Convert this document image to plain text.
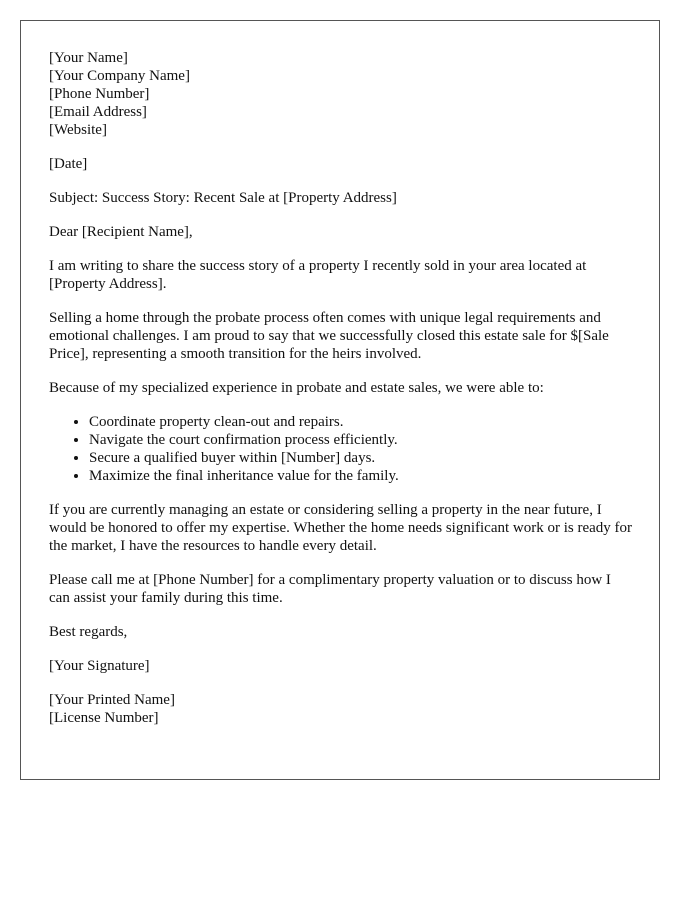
[Your Name]
[Your Company Name]
[Phone Number]
[Email Address]
[Website]

[Date]

Subject: Success Story: Recent Sale at [Property Address]

Dear [Recipient Name],

I am writing to share the success story of a property I recently sold in your area located at [Property Address].

Selling a home through the probate process often comes with unique legal requirements and emotional challenges. I am proud to say that we successfully closed this estate sale for $[Sale Price], representing a smooth transition for the heirs involved.

Because of my specialized experience in probate and estate sales, we were able to:

• Coordinate property clean-out and repairs.
• Navigate the court confirmation process efficiently.
• Secure a qualified buyer within [Number] days.
• Maximize the final inheritance value for the family.

If you are currently managing an estate or considering selling a property in the near future, I would be honored to offer my expertise. Whether the home needs significant work or is ready for the market, I have the resources to handle every detail.

Please call me at [Phone Number] for a complimentary property valuation or to discuss how I can assist your family during this time.

Best regards,

[Your Signature]

[Your Printed Name]
[License Number]
